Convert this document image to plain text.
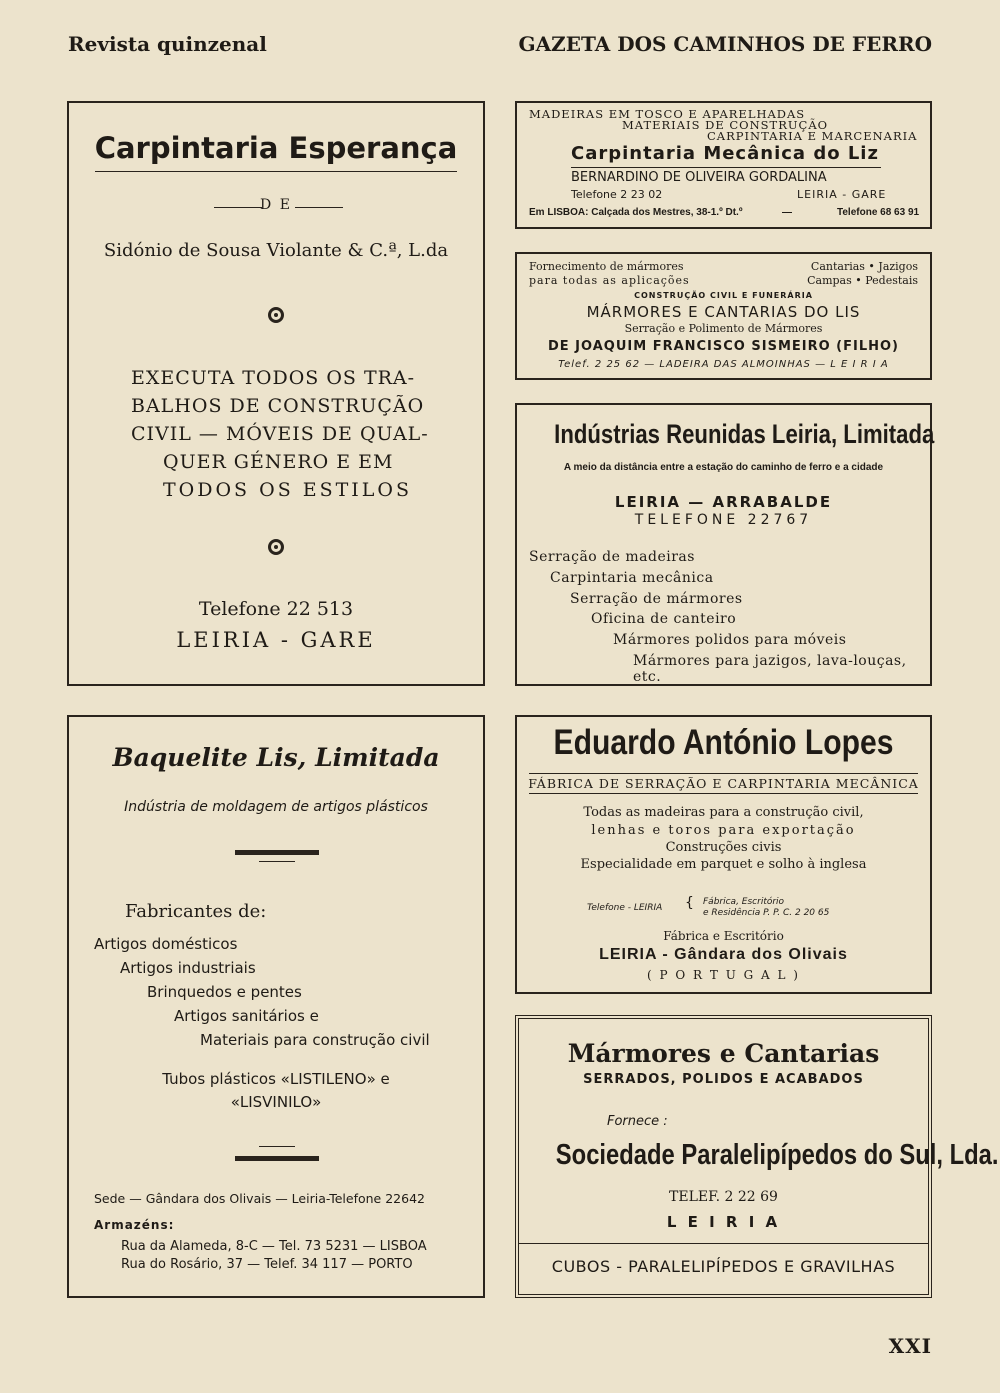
Revista quinzenal	GAZETA DOS CAMINHOS DE FERRO
Carpintaria Esperança
D E
Sidónio de Sousa Violante & C.ª, L.da
EXECUTA TODOS OS TRA-
BALHOS DE CONSTRUÇÃO
CIVIL — MÓVEIS DE QUAL-
QUER GÉNERO E EM
TODOS OS ESTILOS
Telefone 22 513
LEIRIA - GARE
MADEIRAS EM TOSCO E APARELHADAS
MATERIAIS DE CONSTRUÇÃO
CARPINTARIA E MARCENARIA
Carpintaria Mecânica do Liz
BERNARDINO DE OLIVEIRA GORDALINA
Telefone 2 23 02	LEIRIA - GARE
Em LISBOA: Calçada dos Mestres, 38-1.º Dt.º	—	Telefone 68 63 91
Fornecimento de mármores
para todas as aplicações
Cantarias • Jazigos
Campas • Pedestais
CONSTRUÇÃO CIVIL E FUNERÁRIA
MÁRMORES E CANTARIAS DO LIS
Serração e Polimento de Mármores
DE JOAQUIM FRANCISCO SISMEIRO (FILHO)
Telef. 2 25 62 — LADEIRA DAS ALMOINHAS — L E I R I A
Indústrias Reunidas Leiria, Limitada
A meio da distância entre a estação do caminho de ferro e a cidade
LEIRIA — ARRABALDE
TELEFONE 22767
Serração de madeiras
Carpintaria mecânica
Serração de mármores
Oficina de canteiro
Mármores polidos para móveis
Mármores para jazigos, lava-louças, etc.
Baquelite Lis, Limitada
Indústria de moldagem de artigos plásticos
Fabricantes de:
Artigos domésticos
Artigos industriais
Brinquedos e pentes
Artigos sanitários e
Materiais para construção civil
Tubos plásticos «LISTILENO» e
«LISVINILO»
Sede — Gândara dos Olivais — Leiria-Telefone 22642
Armazéns:
Rua da Alameda, 8-C — Tel. 73 5231 — LISBOA
Rua do Rosário, 37 — Telef. 34 117 — PORTO
Eduardo António Lopes
FÁBRICA DE SERRAÇÃO E CARPINTARIA MECÂNICA
Todas as madeiras para a construção civil,
lenhas e toros para exportação
Construções civis
Especialidade em parquet e solho à inglesa
Telefone - LEIRIA { Fábrica, Escritório
e Residência P. P. C. 2 20 65
Fábrica e Escritório
LEIRIA - Gândara dos Olivais
( P O R T U G A L )
Mármores e Cantarias
SERRADOS, POLIDOS E ACABADOS
Fornece :
Sociedade Paralelipípedos do Sul, Lda.
TELEF. 2 22 69
L E I R I A
CUBOS - PARALELIPÍPEDOS E GRAVILHAS
XXI
